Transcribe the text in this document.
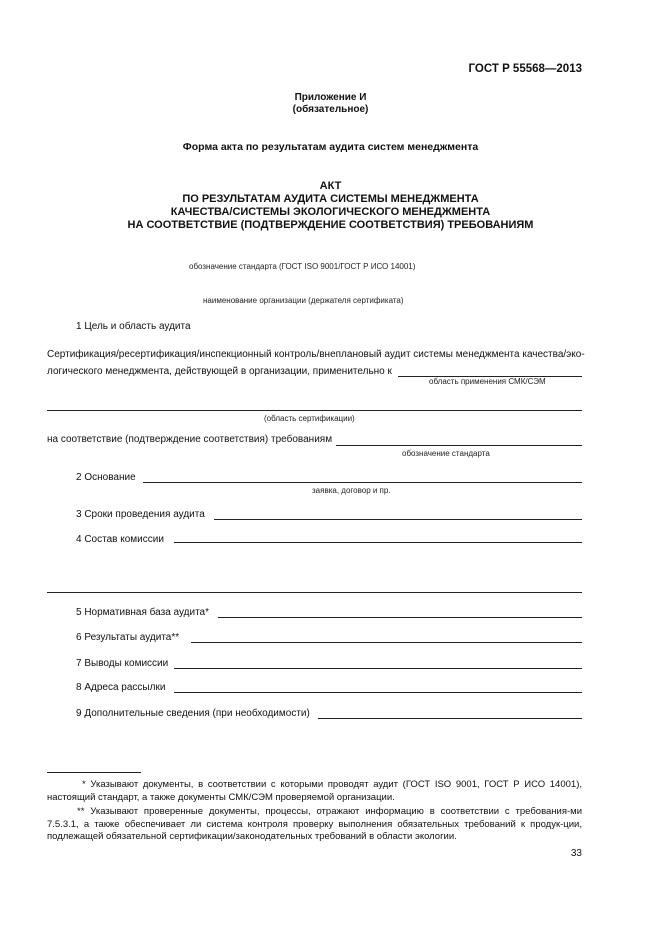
ГОСТ Р 55568—2013
Приложение И
(обязательное)
Форма акта по результатам аудита систем менеджмента
АКТ
ПО РЕЗУЛЬТАТАМ АУДИТА СИСТЕМЫ МЕНЕДЖМЕНТА
КАЧЕСТВА/СИСТЕМЫ ЭКОЛОГИЧЕСКОГО МЕНЕДЖМЕНТА
НА СООТВЕТСТВИЕ (ПОДТВЕРЖДЕНИЕ СООТВЕТСТВИЯ) ТРЕБОВАНИЯМ
обозначение стандарта (ГОСТ ISO 9001/ГОСТ Р ИСО 14001)
наименование организации (держателя сертификата)
1 Цель и область аудита
Сертификация/ресертификация/инспекционный контроль/внеплановый аудит системы менеджмента качества/эко-
логического менеджмента, действующей в организации, применительно к
область применения СМК/СЭМ
(область сертификации)
на соответствие (подтверждение соответствия) требованиям
обозначение стандарта
2 Основание
заявка, договор и пр.
3 Сроки проведения аудита
4 Состав комиссии
5 Нормативная база аудита*
6 Результаты аудита**
7 Выводы комиссии
8 Адреса рассылки
9 Дополнительные сведения (при необходимости)
* Указывают документы, в соответствии с которыми проводят аудит (ГОСТ ISO 9001, ГОСТ Р ИСО 14001), настоящий стандарт, а также документы СМК/СЭМ проверяемой организации.
** Указывают проверенные документы, процессы, отражают информацию в соответствии с требования-ми 7.5.3.1, а также обеспечивает ли система контроля проверку выполнения обязательных требований к продук-ции, подлежащей обязательной сертификации/законодательных требований в области экологии.
33
